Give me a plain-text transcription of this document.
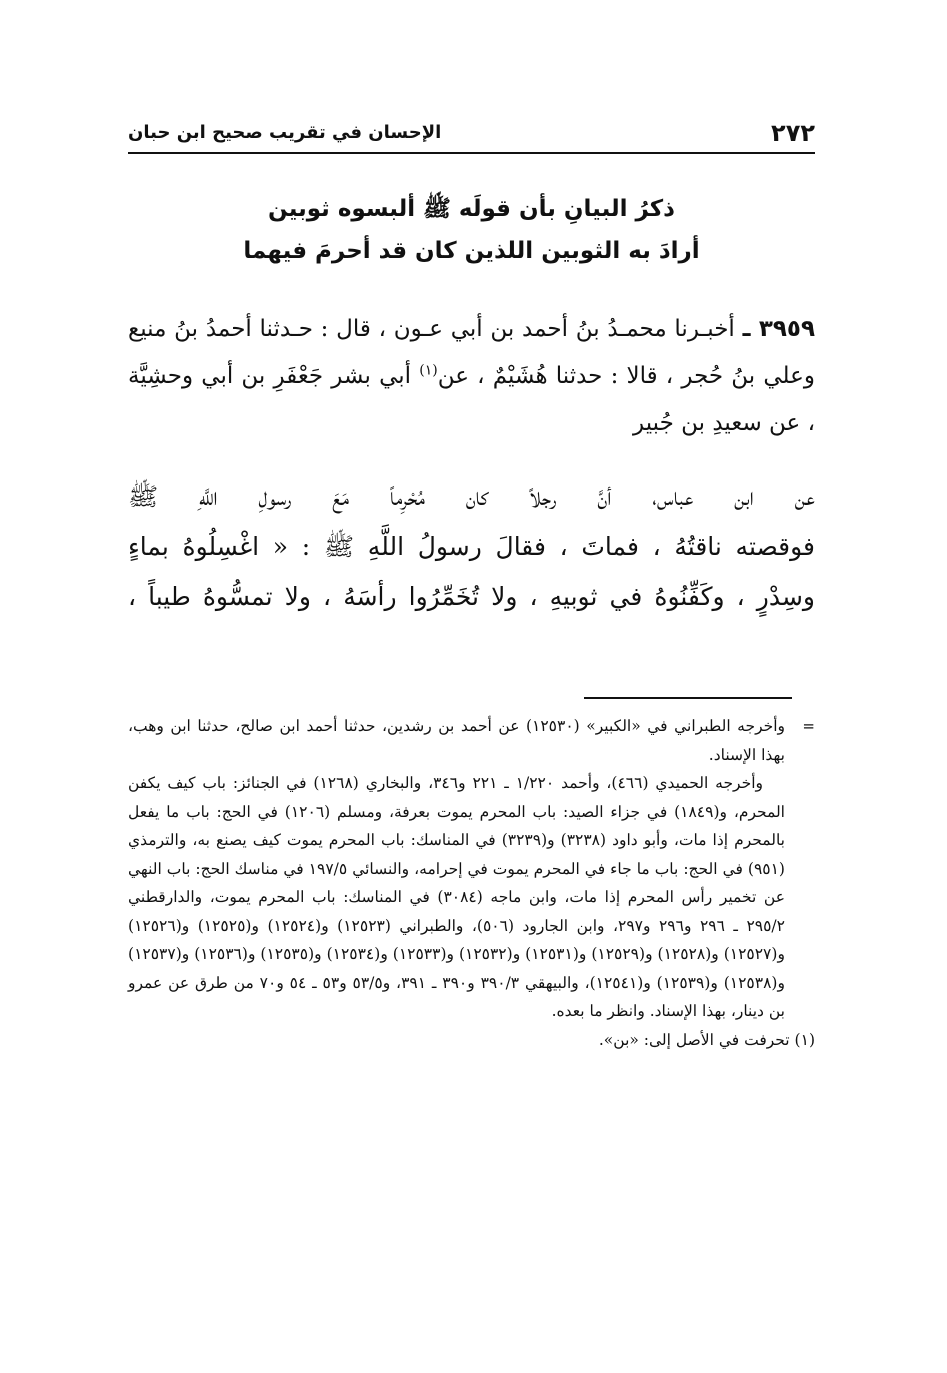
٢٧٢
الإحسان في تقريب صحيح ابن حبان
ذكرُ البيانِ بأن قولَه ﷺ ألبسوه ثوبين
أرادَ به الثوبين اللذين كان قد أحرمَ فيهما
٣٩٥٩ ـ أخبـرنا محمـدُ بنُ أحمد بن أبي عـون ، قال : حـدثنا أحمدُ بنُ منيع وعلي بنُ حُجر ، قالا : حدثنا هُشَيْمٌ ، عن$^{(١)}$ أبي بشر جَعْفَرِ بن أبي وحشِيَّة ، عن سعيدِ بن جُبير
عن ابن عباس، أنَّ رجلاً كان مُحْرِماً مَعَ رسولِ اللَّهِ ﷺ
فوقصته ناقتُهُ ، فماتَ ، فقالَ رسولُ اللَّهِ ﷺ : « اغْسِلُوهُ بماءٍ
وسِدْرٍ ، وكَفِّنُوهُ في ثوبيهِ ، ولا تُخَمِّرُوا رأسَهُ ، ولا تمسُّوهُ طيباً ،
=

وأخرجه الطبراني في «الكبير» (١٢٥٣٠) عن أحمد بن رشدين، حدثنا أحمد ابن صالح، حدثنا ابن وهب، بهذا الإسناد.

وأخرجه الحميدي (٤٦٦)، وأحمد ١/٢٢٠ ـ ٢٢١ و٣٤٦، والبخاري (١٢٦٨) في الجنائز: باب كيف يكفن المحرم، و(١٨٤٩) في جزاء الصيد: باب المحرم يموت بعرفة، ومسلم (١٢٠٦) في الحج: باب ما يفعل بالمحرم إذا مات، وأبو داود (٣٢٣٨) و(٣٢٣٩) في المناسك: باب المحرم يموت كيف يصنع به، والترمذي (٩٥١) في الحج: باب ما جاء في المحرم يموت في إحرامه، والنسائي ١٩٧/٥ في مناسك الحج: باب النهي عن تخمير رأس المحرم إذا مات، وابن ماجه (٣٠٨٤) في المناسك: باب المحرم يموت، والدارقطني ٢٩٥/٢ ـ ٢٩٦ و٢٩٦ و٢٩٧، وابن الجارود (٥٠٦)، والطبراني (١٢٥٢٣) و(١٢٥٢٤) و(١٢٥٢٥) و(١٢٥٢٦) و(١٢٥٢٧) و(١٢٥٢٨) و(١٢٥٢٩) و(١٢٥٣١) و(١٢٥٣٢) و(١٢٥٣٣) و(١٢٥٣٤) و(١٢٥٣٥) و(١٢٥٣٦) و(١٢٥٣٧) و(١٢٥٣٨) و(١٢٥٣٩) و(١٢٥٤١)، والبيهقي ٣٩٠/٣ و٣٩٠ ـ ٣٩١، و٥٣/٥ و٥٣ ـ ٥٤ و٧٠ من طرق عن عمرو بن دينار، بهذا الإسناد. وانظر ما بعده.

(١) تحرفت في الأصل إلى: «بن».
